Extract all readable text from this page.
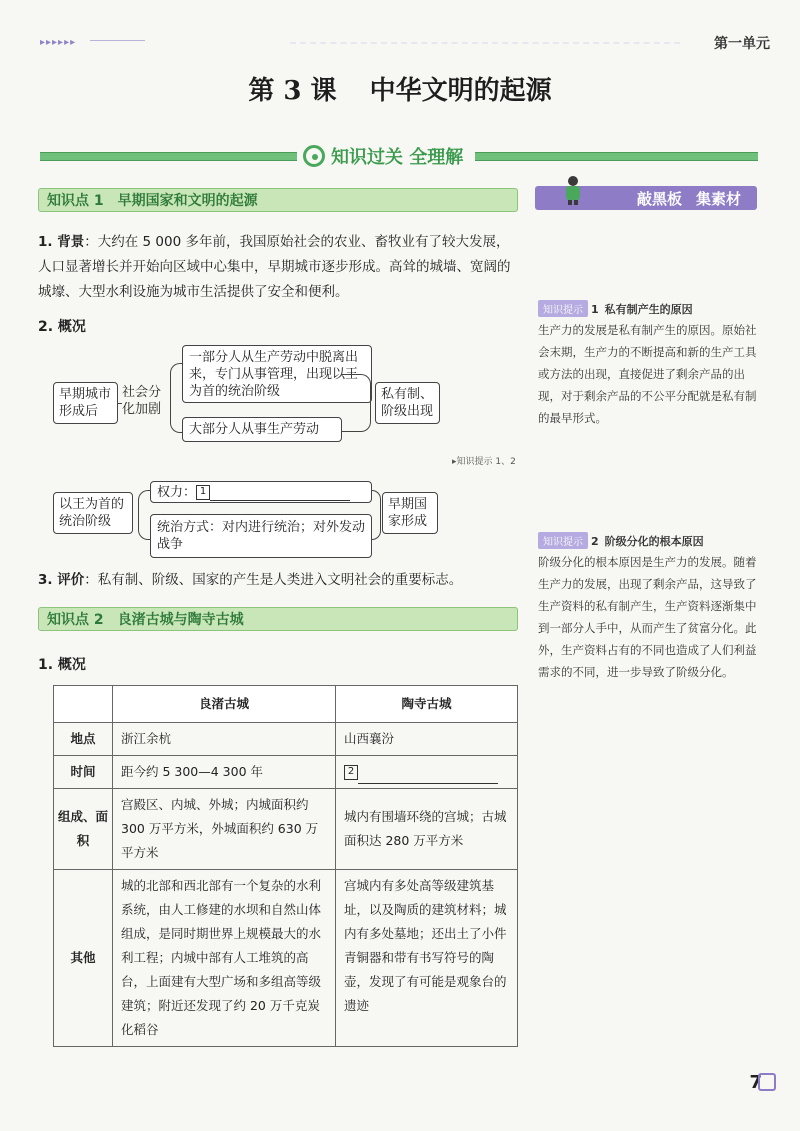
▸▸▸▸▸▸	第一单元
第 3 课 中华文明的起源
知识过关 全理解
知识点 1 早期国家和文明的起源
1. 背景：大约在 5 000 多年前，我国原始社会的农业、畜牧业有了较大发展，人口显著增长并开始向区域中心集中，早期城市逐步形成。高耸的城墙、宽阔的城壕、大型水利设施为城市生活提供了安全和便利。
2. 概况
早期城市形成后
社会分化加剧
一部分人从生产劳动中脱离出来，专门从事管理，出现以王为首的统治阶级
大部分人从事生产劳动
私有制、阶级出现
▸知识提示 1、2
以王为首的统治阶级
权力： 1
统治方式：对内进行统治；对外发动战争
早期国家形成
3. 评价：私有制、阶级、国家的产生是人类进入文明社会的重要标志。
知识点 2 良渚古城与陶寺古城
1. 概况
	良渚古城	陶寺古城
地点	浙江余杭	山西襄汾
时间	距今约 5 300—4 300 年	2
组成、面积	宫殿区、内城、外城；内城面积约 300 万平方米，外城面积约 630 万平方米	城内有围墙环绕的宫城；古城面积达 280 万平方米
其他	城的北部和西北部有一个复杂的水利系统，由人工修建的水坝和自然山体组成，是同时期世界上规模最大的水利工程；内城中部有人工堆筑的高台，上面建有大型广场和多组高等级建筑；附近还发现了约 20 万千克炭化稻谷	宫城内有多处高等级建筑基址，以及陶质的建筑材料；城内有多处墓地；还出土了小件青铜器和带有书写符号的陶壶，发现了有可能是观象台的遗迹
敲黑板 集素材
知识提示 1 私有制产生的原因
生产力的发展是私有制产生的原因。原始社会末期，生产力的不断提高和新的生产工具或方法的出现，直接促进了剩余产品的出现，对于剩余产品的不公平分配就是私有制的最早形式。
知识提示 2 阶级分化的根本原因
阶级分化的根本原因是生产力的发展。随着生产力的发展，出现了剩余产品，这导致了生产资料的私有制产生，生产资料逐渐集中到一部分人手中，从而产生了贫富分化。此外，生产资料占有的不同也造成了人们利益需求的不同，进一步导致了阶级分化。
7
